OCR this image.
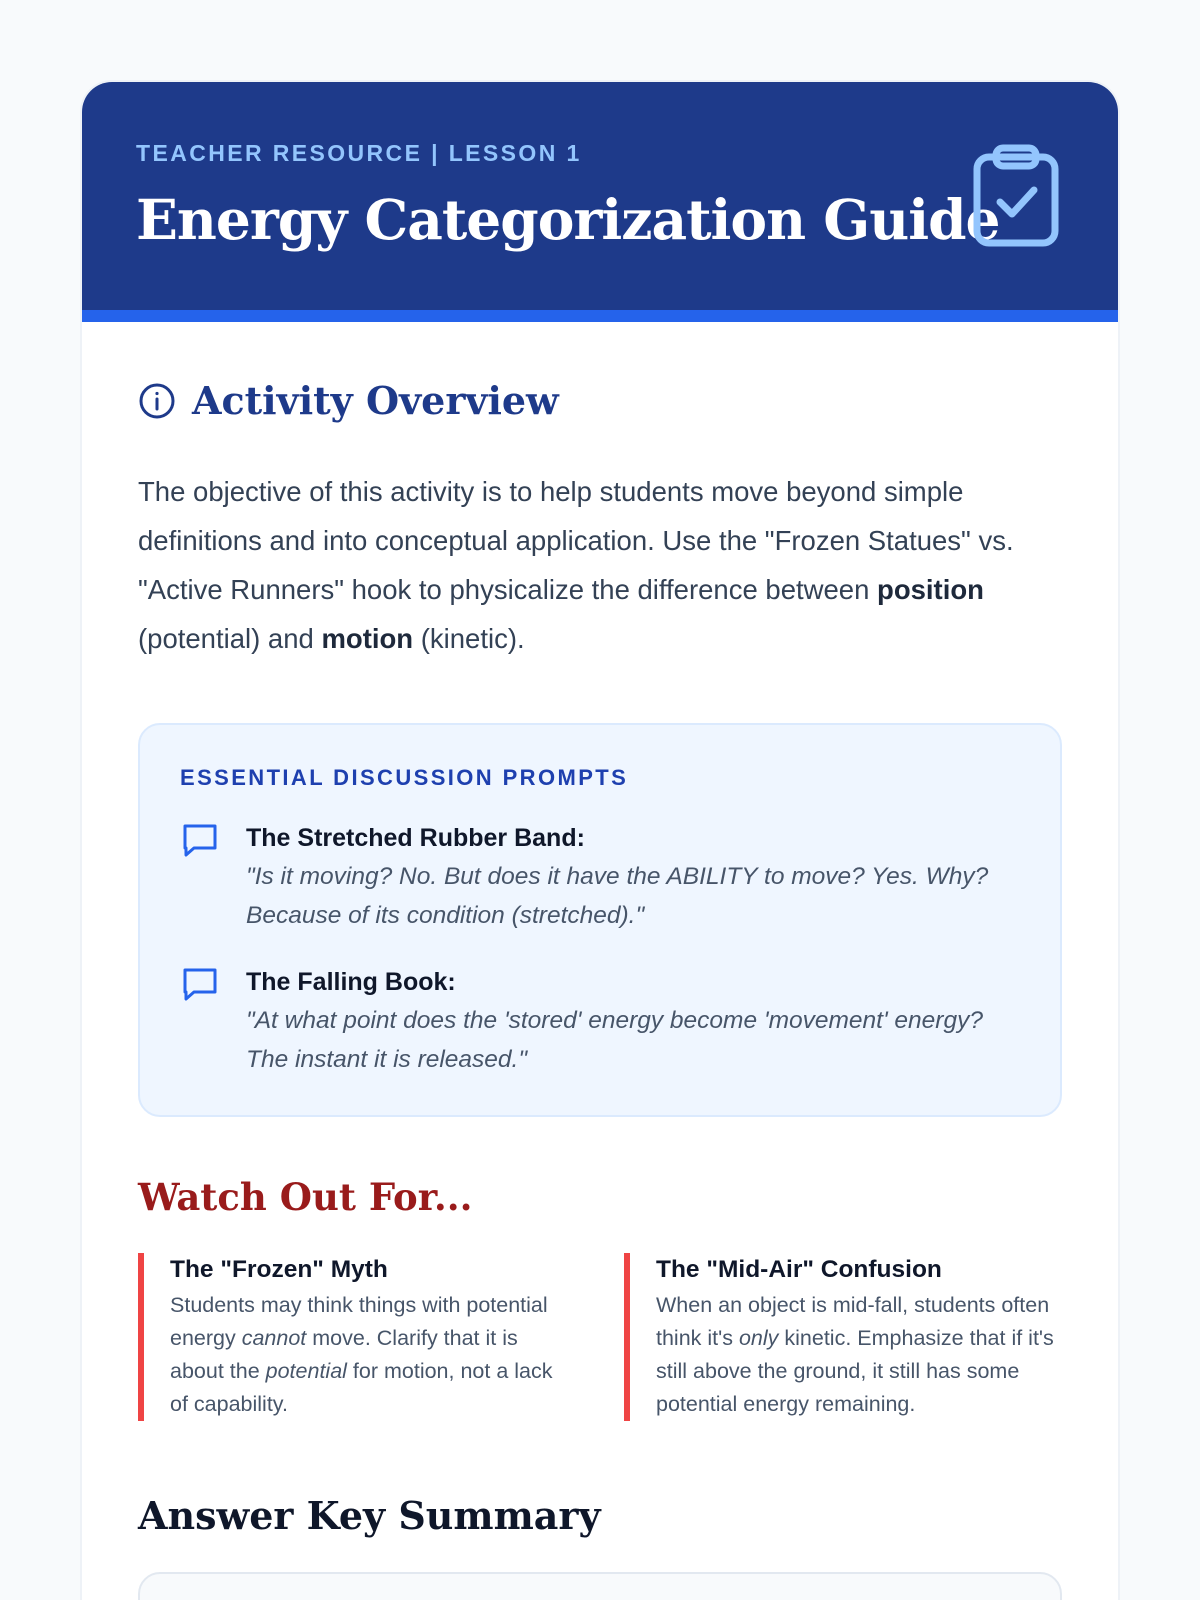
TEACHER RESOURCE | LESSON 1
Energy Categorization Guide
Activity Overview

The objective of this activity is to help students move beyond simple definitions and into conceptual application. Use the "Frozen Statues" vs. "Active Runners" hook to physicalize the difference between position (potential) and motion (kinetic).

ESSENTIAL DISCUSSION PROMPTS
The Stretched Rubber Band:
"Is it moving? No. But does it have the ABILITY to move? Yes. Why? Because of its condition (stretched)."
The Falling Book:
"At what point does the 'stored' energy become 'movement' energy? The instant it is released."
Watch Out For...
The "Frozen" Myth

Students may think things with potential energy cannot move. Clarify that it is about the potential for motion, not a lack of capability.

The "Mid-Air" Confusion

When an object is mid-fall, students often think it's only kinetic. Emphasize that if it's still above the ground, it still has some potential energy remaining.

Answer Key Summary
